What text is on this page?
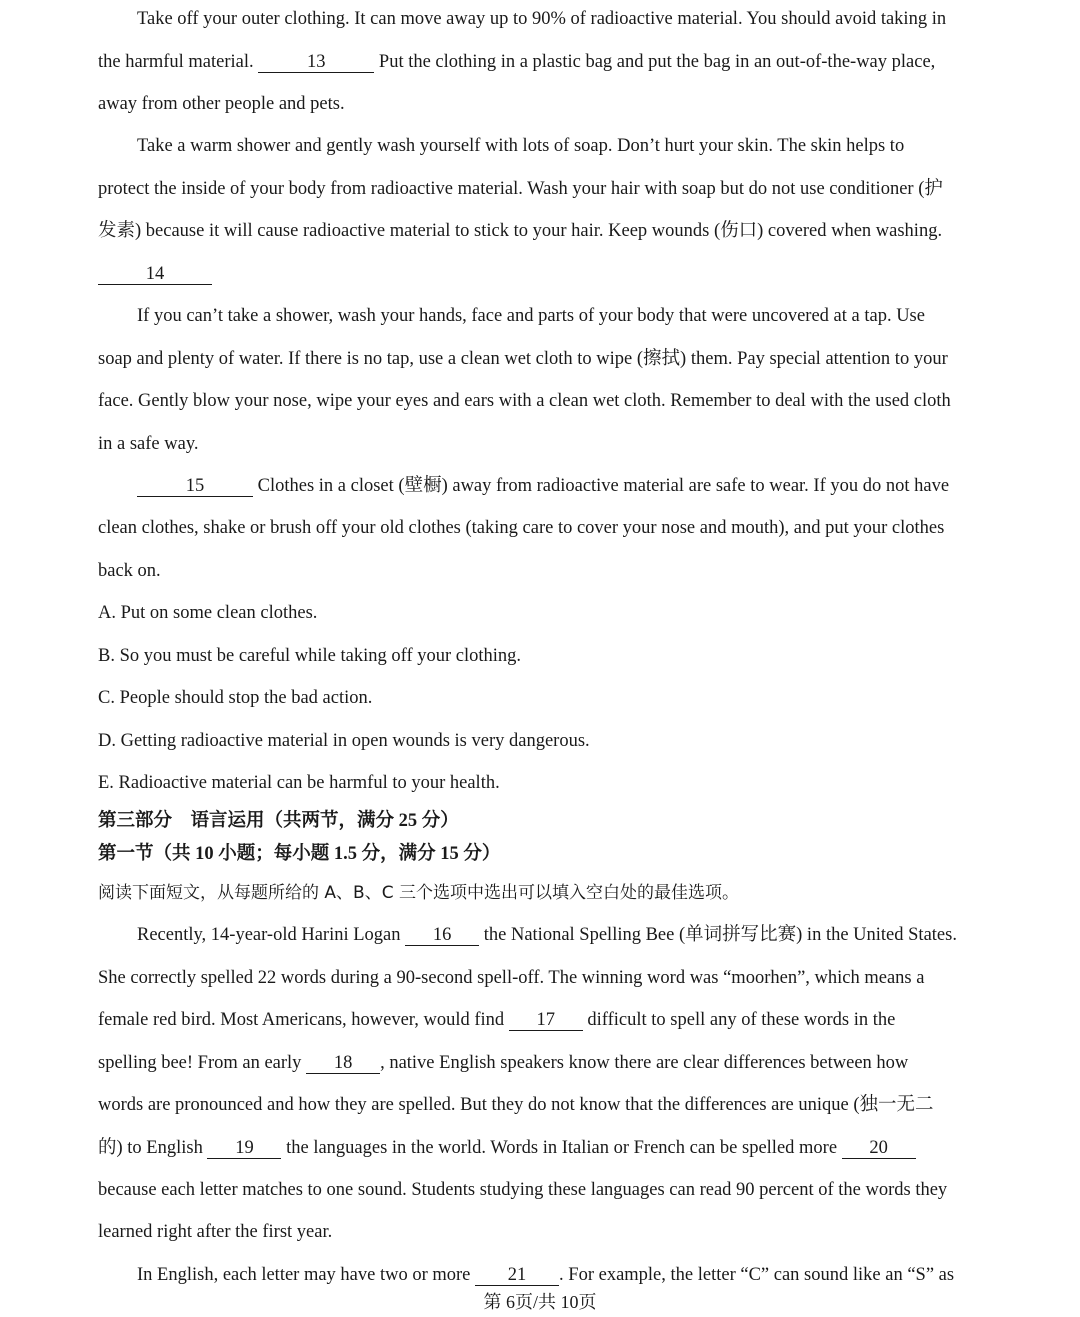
Take off your outer clothing. It can move away up to 90% of radioactive material. You should avoid taking in
the harmful material.	13	Put the clothing in a plastic bag and put the bag in an out-of-the-way place,
away from other people and pets.
Take a warm shower and gently wash yourself with lots of soap. Don’t hurt your skin. The skin helps to
protect the inside of your body from radioactive material. Wash your hair with soap but do not use conditioner (护
发素) because it will cause radioactive material to stick to your hair. Keep wounds (伤口) covered when washing.
14
If you can’t take a shower, wash your hands, face and parts of your body that were uncovered at a tap. Use
soap and plenty of water. If there is no tap, use a clean wet cloth to wipe (擦拭) them. Pay special attention to your
face. Gently blow your nose, wipe your eyes and ears with a clean wet cloth. Remember to deal with the used cloth
in a safe way.
15	Clothes in a closet (壁橱) away from radioactive material are safe to wear. If you do not have
clean clothes, shake or brush off your old clothes (taking care to cover your nose and mouth), and put your clothes
back on.
A. Put on some clean clothes.
B. So you must be careful while taking off your clothing.
C. People should stop the bad action.
D. Getting radioactive material in open wounds is very dangerous.
E. Radioactive material can be harmful to your health.
第三部分　语言运用（共两节，满分 25 分）
第一节（共 10 小题；每小题 1.5 分，满分 15 分）
阅读下面短文，从每题所给的 A、B、C 三个选项中选出可以填入空白处的最佳选项。
Recently, 14-year-old Harini Logan 16 the National Spelling Bee (单词拼写比赛) in the United States.
She correctly spelled 22 words during a 90-second spell-off. The winning word was “moorhen”, which means a
female red bird. Most Americans, however, would find 17 difficult to spell any of these words in the
spelling bee! From an early 18 , native English speakers know there are clear differences between how
words are pronounced and how they are spelled. But they do not know that the differences are unique (独一无二
的) to English 19 the languages in the world. Words in Italian or French can be spelled more 20
because each letter matches to one sound. Students studying these languages can read 90 percent of the words they
learned right after the first year.
In English, each letter may have two or more 21 . For example, the letter “C” can sound like an “S” as
第 6页/共 10页
